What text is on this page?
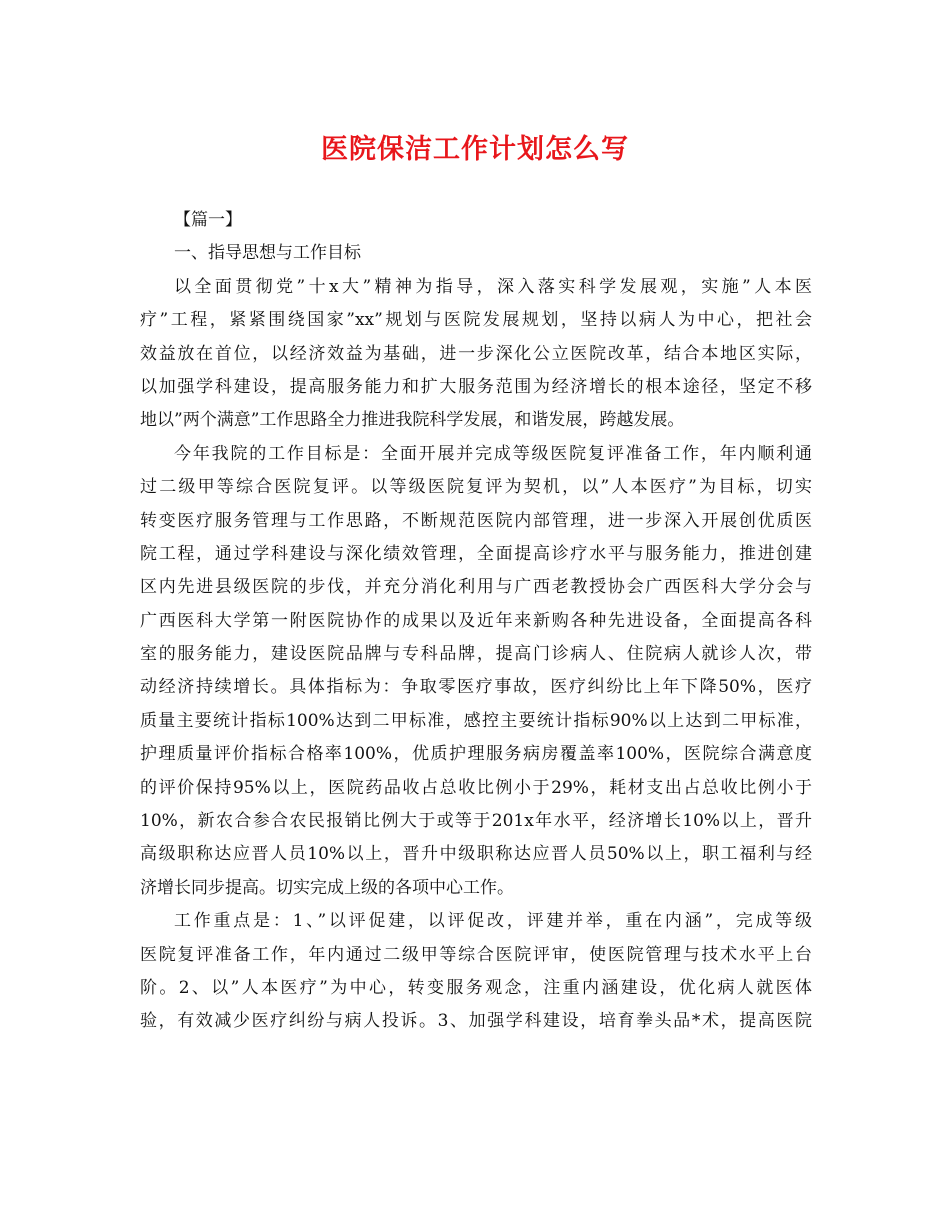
医院保洁工作计划怎么写

【篇一】

一、指导思想与工作目标

以全面贯彻党”十x大”精神为指导，深入落实科学发展观，实施”人本医

疗”工程，紧紧围绕国家”xx”规划与医院发展规划，坚持以病人为中心，把社会

效益放在首位，以经济效益为基础，进一步深化公立医院改革，结合本地区实际，

以加强学科建设，提高服务能力和扩大服务范围为经济增长的根本途径，坚定不移

地以”两个满意”工作思路全力推进我院科学发展，和谐发展，跨越发展。

今年我院的工作目标是：全面开展并完成等级医院复评准备工作，年内顺利通

过二级甲等综合医院复评。以等级医院复评为契机，以”人本医疗”为目标，切实

转变医疗服务管理与工作思路，不断规范医院内部管理，进一步深入开展创优质医

院工程，通过学科建设与深化绩效管理，全面提高诊疗水平与服务能力，推进创建

区内先进县级医院的步伐，并充分消化利用与广西老教授协会广西医科大学分会与

广西医科大学第一附医院协作的成果以及近年来新购各种先进设备，全面提高各科

室的服务能力，建设医院品牌与专科品牌，提高门诊病人、住院病人就诊人次，带

动经济持续增长。具体指标为：争取零医疗事故，医疗纠纷比上年下降50%，医疗

质量主要统计指标100%达到二甲标准，感控主要统计指标90%以上达到二甲标准，

护理质量评价指标合格率100%，优质护理服务病房覆盖率100%，医院综合满意度

的评价保持95%以上，医院药品收占总收比例小于29%，耗材支出占总收比例小于

10%，新农合参合农民报销比例大于或等于201x年水平，经济增长10%以上，晋升

高级职称达应晋人员10%以上，晋升中级职称达应晋人员50%以上，职工福利与经

济增长同步提高。切实完成上级的各项中心工作。

工作重点是：1、”以评促建，以评促改，评建并举，重在内涵”，完成等级

医院复评准备工作，年内通过二级甲等综合医院评审，使医院管理与技术水平上台

阶。2、以”人本医疗”为中心，转变服务观念，注重内涵建设，优化病人就医体

验，有效减少医疗纠纷与病人投诉。3、加强学科建设，培育拳头品*术，提高医院
